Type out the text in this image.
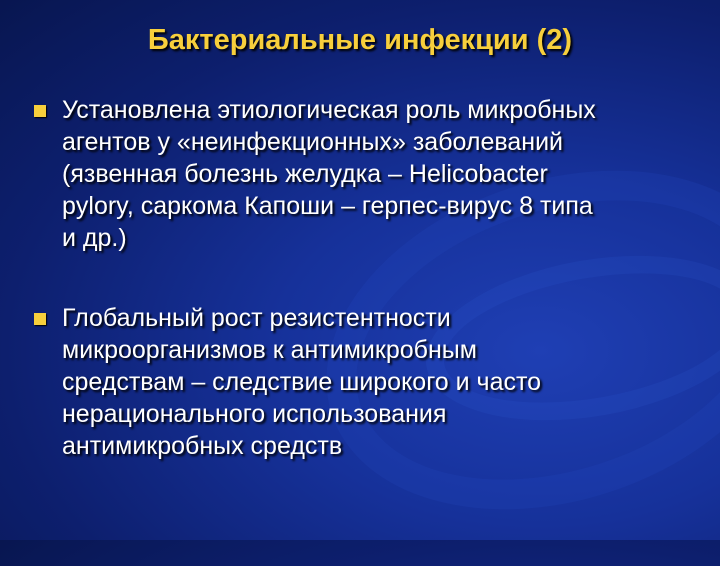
Бактериальные инфекции (2)
Установлена этиологическая роль микробных
агентов у «неинфекционных» заболеваний
(язвенная болезнь желудка – Helicobacter
pylory, саркома Капоши – герпес-вирус 8 типа
и др.)
Глобальный рост резистентности
микроорганизмов к антимикробным
средствам – следствие широкого и часто
нерационального использования
антимикробных средств
